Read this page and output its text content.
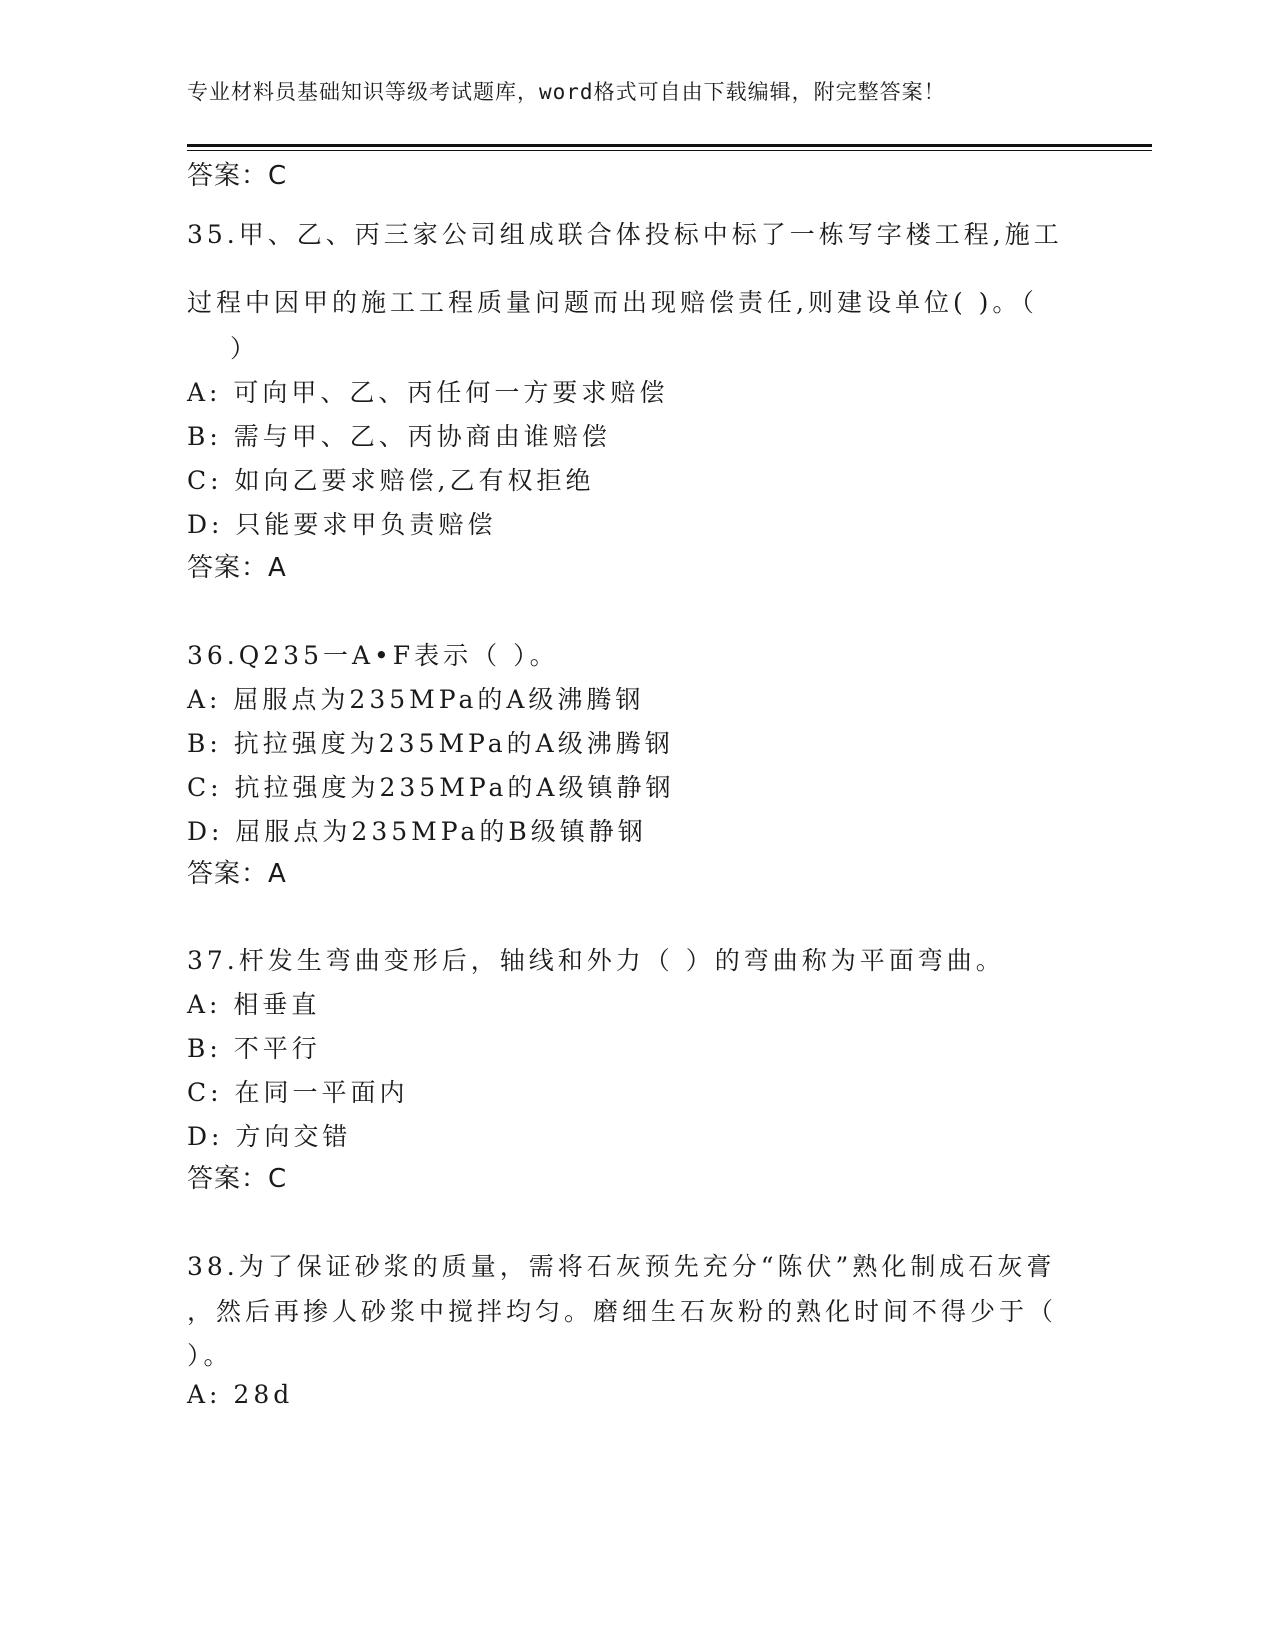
专业材料员基础知识等级考试题库，word格式可自由下载编辑，附完整答案！
答案：C
35.甲、乙、丙三家公司组成联合体投标中标了一栋写字楼工程,施工
过程中因甲的施工工程质量问题而出现赔偿责任,则建设单位( )。（
）
A: 可向甲、乙、丙任何一方要求赔偿
B: 需与甲、乙、丙协商由谁赔偿
C: 如向乙要求赔偿,乙有权拒绝
D: 只能要求甲负责赔偿
答案：A
36.Q235一A•F表示（ ）。
A: 屈服点为235MPa的A级沸腾钢
B: 抗拉强度为235MPa的A级沸腾钢
C: 抗拉强度为235MPa的A级镇静钢
D: 屈服点为235MPa的B级镇静钢
答案：A
37.杆发生弯曲变形后，轴线和外力（ ）的弯曲称为平面弯曲。
A: 相垂直
B: 不平行
C: 在同一平面内
D: 方向交错
答案：C
38.为了保证砂浆的质量，需将石灰预先充分“陈伏”熟化制成石灰膏
，然后再掺人砂浆中搅拌均匀。磨细生石灰粉的熟化时间不得少于（
）。
A: 28d
